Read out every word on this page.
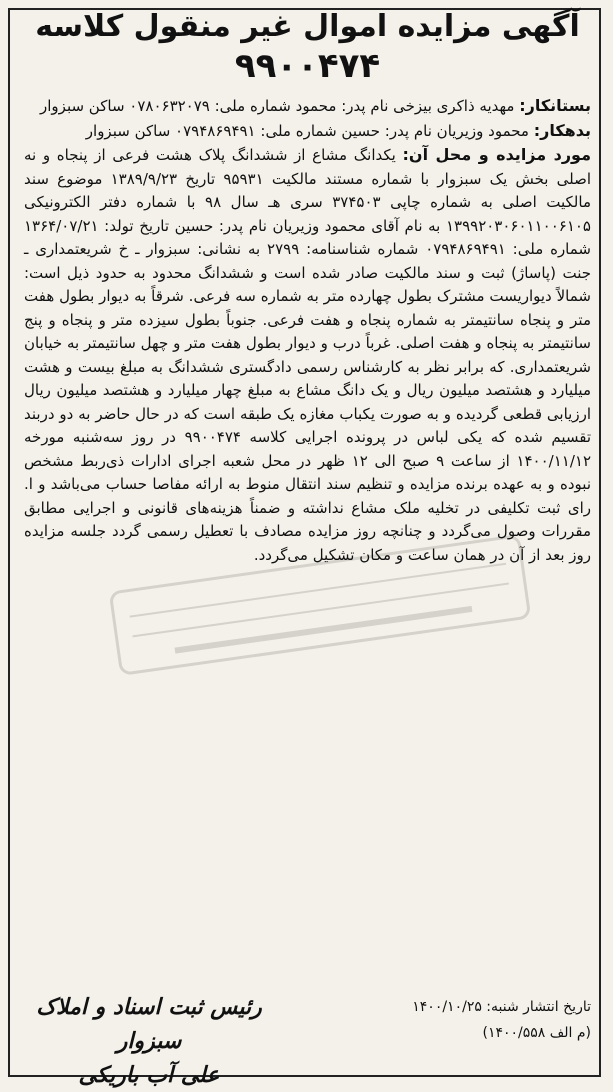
آگهی مزایده اموال غیر منقول کلاسه
۹۹۰۰۴۷۴

بستانکار: مهدیه ذاکری بیزخی نام پدر: محمود شماره ملی: ۰۷۸۰۶۳۲۰۷۹ ساکن سبزوار

بدهکار: محمود وزیریان نام پدر: حسین شماره ملی: ۰۷۹۴۸۶۹۴۹۱ ساکن سبزوار

مورد مزایده و محل آن: یکدانگ مشاع از ششدانگ پلاک هشت فرعی از پنجاه و نه اصلی بخش یک سبزوار با شماره مستند مالکیت ۹۵۹۳۱ تاریخ ۱۳۸۹/۹/۲۳ موضوع سند مالکیت اصلی به شماره چاپی ۳۷۴۵۰۳ سری هـ سال ۹۸ با شماره دفتر الکترونیکی ۱۳۹۹۲۰۳۰۶۰۱۱۰۰۶۱۰۵ به نام آقای محمود وزیریان نام پدر: حسین تاریخ تولد: ۱۳۶۴/۰۷/۲۱ شماره ملی: ۰۷۹۴۸۶۹۴۹۱ شماره شناسنامه: ۲۷۹۹ به نشانی: سبزوار ـ خ شریعتمداری ـ جنت (پاساژ) ثبت و سند مالکیت صادر شده است و ششدانگ محدود به حدود ذیل است: شمالاً دیواریست مشترک بطول چهارده متر به شماره سه فرعی. شرقاً به دیوار بطول هفت متر و پنجاه سانتیمتر به شماره پنجاه و هفت فرعی. جنوباً بطول سیزده متر و پنجاه و پنج سانتیمتر به پنجاه و هفت اصلی. غرباً درب و دیوار بطول هفت متر و چهل سانتیمتر به خیابان شریعتمداری. که برابر نظر به کارشناس رسمی دادگستری ششدانگ به مبلغ بیست و هشت میلیارد و هشتصد میلیون ریال و یک دانگ مشاع به مبلغ چهار میلیارد و هشتصد میلیون ریال ارزیابی قطعی گردیده و به صورت یکباب مغازه یک طبقه است که در حال حاضر به دو دربند تقسیم شده که یکی لباس در پرونده اجرایی کلاسه ۹۹۰۰۴۷۴ در روز سه‌شنبه مورخه ۱۴۰۰/۱۱/۱۲ از ساعت ۹ صبح الی ۱۲ ظهر در محل شعبه اجرای ادارات ذی‌ربط مشخص نبوده و به عهده برنده مزایده و تنظیم سند انتقال منوط به ارائه مفاصا حساب می‌باشد و ا. رای ثبت تکلیفی در تخلیه ملک مشاع نداشته و ضمناً هزینه‌های قانونی و اجرایی مطابق مقررات وصول می‌گردد و چنانچه روز مزایده مصادف با تعطیل رسمی گردد جلسه مزایده روز بعد از آن در همان ساعت و مکان تشکیل می‌گردد.

تاریخ انتشار شنبه: ۱۴۰۰/۱۰/۲۵
(م الف ۱۴۰۰/۵۵۸)
رئیس ثبت اسناد و املاک سبزوار
علی آب باریکی
